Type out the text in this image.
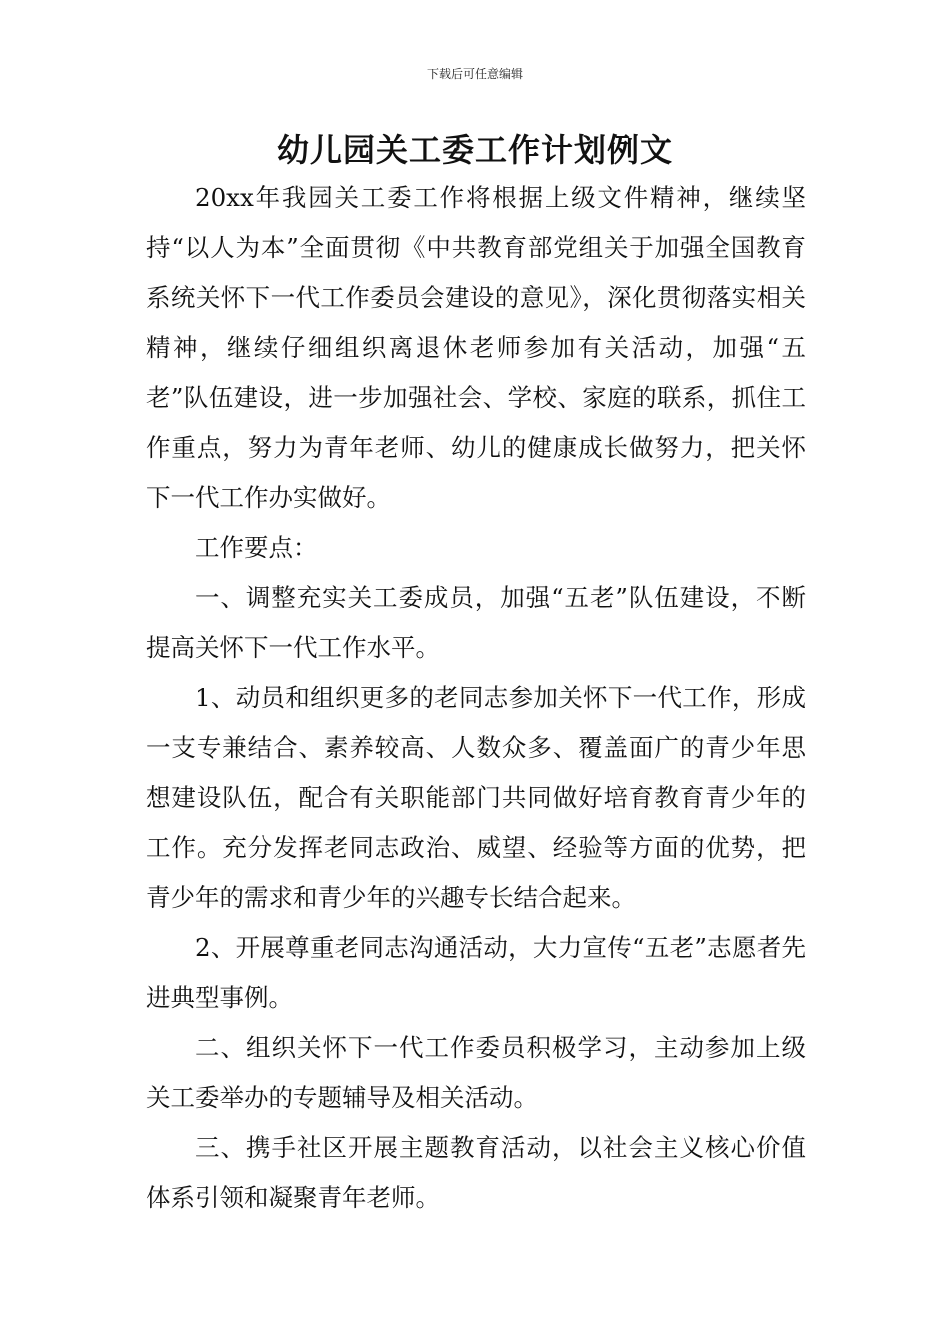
下载后可任意编辑
幼儿园关工委工作计划例文

20xx年我园关工委工作将根据上级文件精神，继续坚持“以人为本”全面贯彻《中共教育部党组关于加强全国教育系统关怀下一代工作委员会建设的意见》，深化贯彻落实相关精神，继续仔细组织离退休老师参加有关活动，加强“五老”队伍建设，进一步加强社会、学校、家庭的联系，抓住工作重点，努力为青年老师、幼儿的健康成长做努力，把关怀下一代工作办实做好。

工作要点：

一、调整充实关工委成员，加强“五老”队伍建设，不断提高关怀下一代工作水平。

1、动员和组织更多的老同志参加关怀下一代工作，形成一支专兼结合、素养较高、人数众多、覆盖面广的青少年思想建设队伍，配合有关职能部门共同做好培育教育青少年的工作。充分发挥老同志政治、威望、经验等方面的优势，把青少年的需求和青少年的兴趣专长结合起来。

2、开展尊重老同志沟通活动，大力宣传“五老”志愿者先进典型事例。

二、组织关怀下一代工作委员积极学习，主动参加上级关工委举办的专题辅导及相关活动。

三、携手社区开展主题教育活动，以社会主义核心价值体系引领和凝聚青年老师。
